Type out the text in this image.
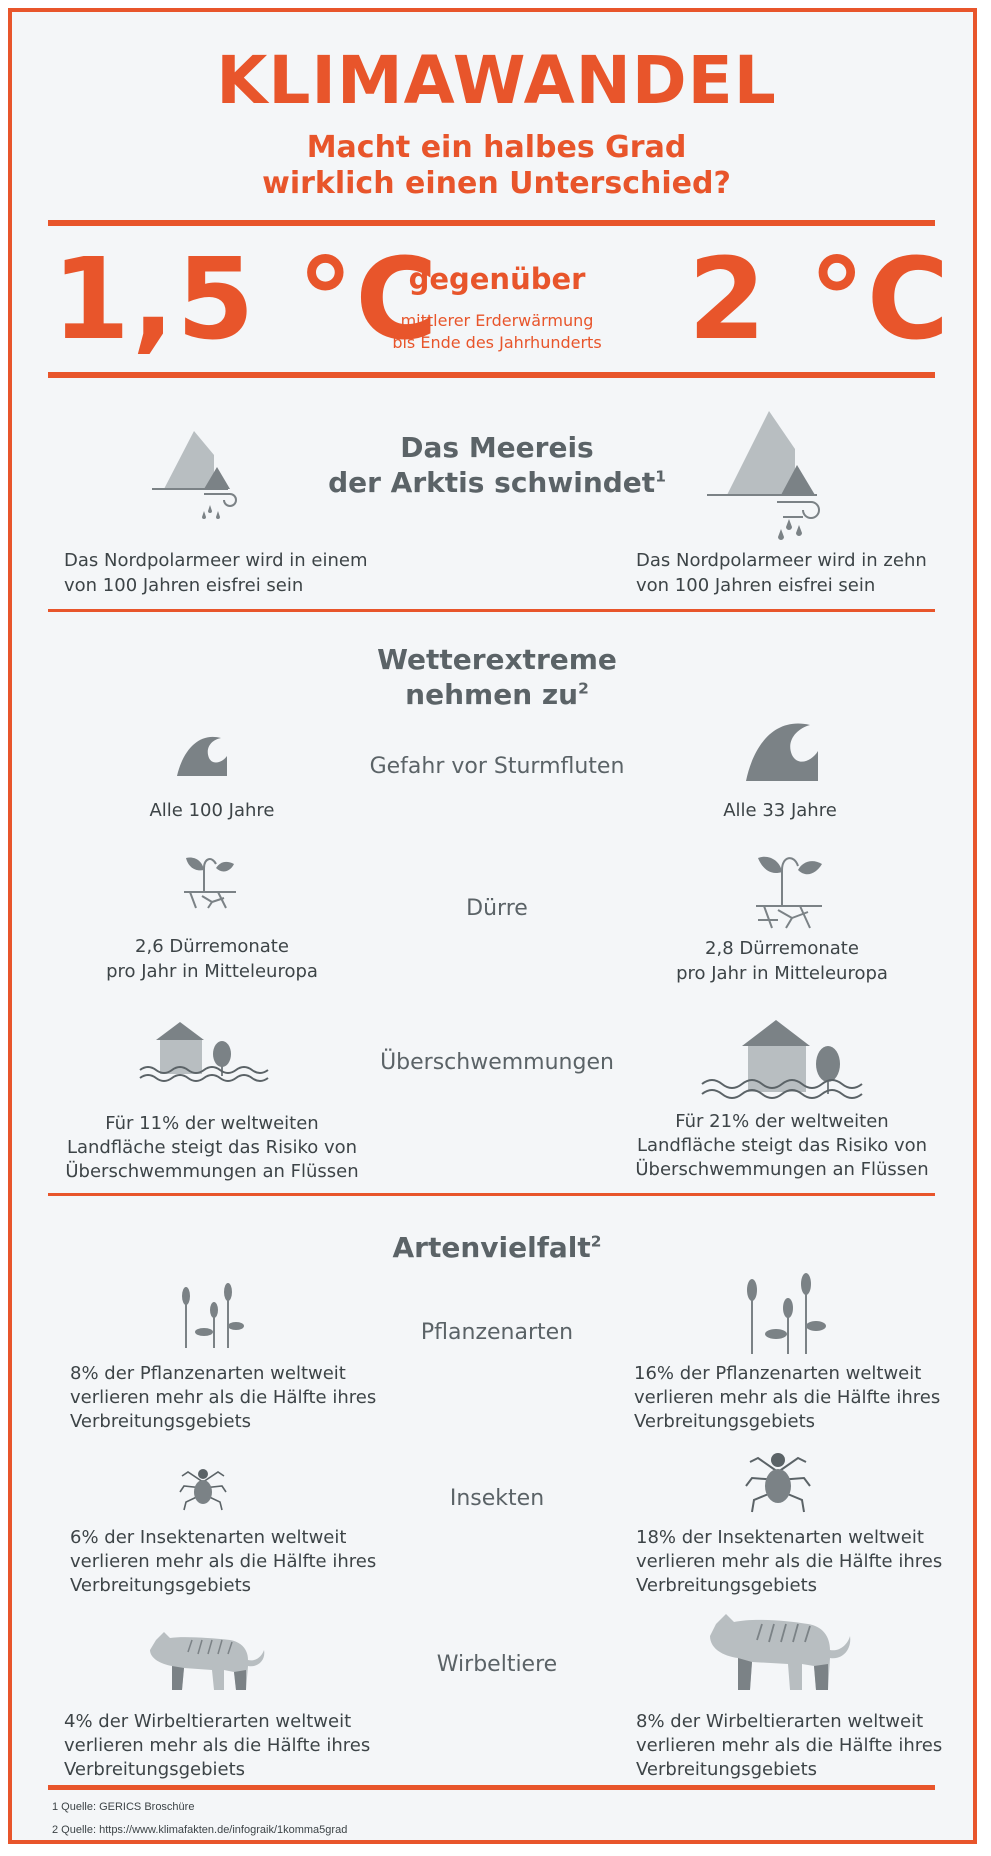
KLIMAWANDEL
Macht ein halbes Grad
wirklich einen Unterschied?
1,5 °C 2 °C
gegenüber
mittlerer Erderwärmung
bis Ende des Jahrhunderts
Das Meereis
der Arktis schwindet$^1$
Das Nordpolarmeer wird in einem
von 100 Jahren eisfrei sein
Das Nordpolarmeer wird in zehn
von 100 Jahren eisfrei sein
Wetterextreme
nehmen $zu^2$
Gefahr vor Sturmfluten
Alle 100 Jahre	Alle 33 Jahre
Dürre
2,6 Dürremonate
pro Jahr in Mitteleuropa
2,8 Dürremonate
pro Jahr in Mitteleuropa
Überschwemmungen
Für 11% der weltweiten
Landfläche steigt das Risiko von
Überschwemmungen an Flüssen
Für 21% der weltweiten
Landfläche steigt das Risiko von
Überschwemmungen an Flüssen
Artenvielfalt$^2$
Pflanzenarten
8% der Pflanzenarten weltweit
verlieren mehr als die Hälfte ihres
Verbreitungsgebiets
16% der Pflanzenarten weltweit
verlieren mehr als die Hälfte ihres
Verbreitungsgebiets
Insekten
6% der Insektenarten weltweit
verlieren mehr als die Hälfte ihres
Verbreitungsgebiets
18% der Insektenarten weltweit
verlieren mehr als die Hälfte ihres
Verbreitungsgebiets
Wirbeltiere
4% der Wirbeltierarten weltweit
verlieren mehr als die Hälfte ihres
Verbreitungsgebiets
8% der Wirbeltierarten weltweit
verlieren mehr als die Hälfte ihres
Verbreitungsgebiets
1 Quelle: GERICS Broschüre
2 Quelle: https://www.klimafakten.de/infograik/1komma5grad
